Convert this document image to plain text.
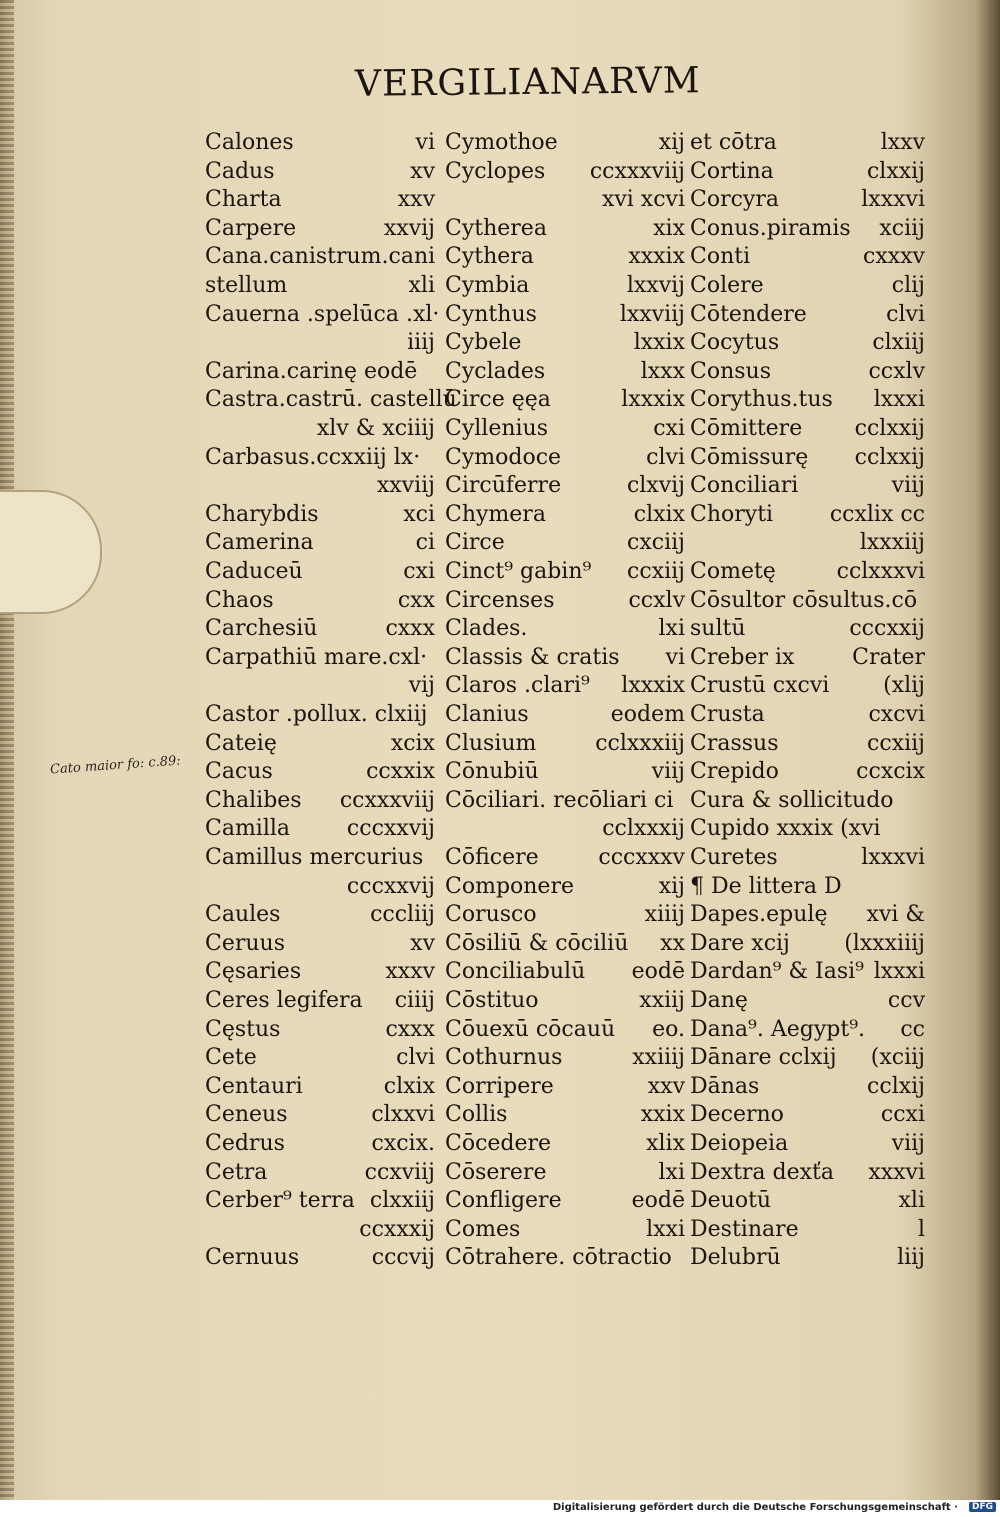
VERGILIANARVM
Calones	vi
Cadus	xv
Charta	xxv
Carpere	xxvij
Cana.canistrum.cani
stellum	xli
Cauerna .spelūca .xl·
iiij
Carina.carinę eodē
Castra.castrū. castellū
xlv & xciiij
Carbasus.ccxxiij lx·
xxviij
Charybdis	xci
Camerina	ci
Caduceū	cxi
Chaos	cxx
Carchesiū	cxxx
Carpathiū mare.cxl·
vij
Castor .pollux. clxiij
Cateię	xcix
Cacus	ccxxix
Chalibes ccxxxviij
Camilla	cccxxvij
Camillus mercurius
cccxxvij
Caules	cccliij
Ceruus	xv
Cęsaries	xxxv
Ceres legifera ciiij
Cęstus	cxxx
Cete	clvi
Centauri	clxix
Ceneus	clxxvi
Cedrus	cxcix.
Cetra	ccxviij
Cerber⁹ terra clxxiij
ccxxxij
Cernuus	cccvij
Cymothoe	xij
Cyclopes ccxxxviij
xvi xcvi
Cytherea	xix
Cythera	xxxix
Cymbia	lxxvij
Cynthus	lxxviij
Cybele	lxxix
Cyclades	lxxx
Circe ęęa	lxxxix
Cyllenius	cxi
Cymodoce	clvi
Circūferre	clxvij
Chymera	clxix
Circe	cxciij
Cinct⁹ gabin⁹ ccxiij
Circenses	ccxlv
Clades.	lxi
Classis & cratis vi
Claros .clari⁹ lxxxix
Clanius	eodem
Clusium	cclxxxiij
Cōnubiū	viij
Cōciliari. recōliari ci
cclxxxij
Cōficere	cccxxxv
Componere	xij
Corusco	xiiij
Cōsiliū & cōciliū xx
Conciliabulū eodē
Cōstituo	xxiij
Cōuexū cōcauū eo.
Cothurnus	xxiiij
Corripere	xxv
Collis	xxix
Cōcedere	xlix
Cōserere	lxi
Confligere	eodē
Comes	lxxi
Cōtrahere. cōtractio
et cōtra	lxxv
Cortina	clxxij
Corcyra	lxxxvi
Conus.piramis xciij
Conti	cxxxv
Colere	clij
Cōtendere	clvi
Cocytus	clxiij
Consus	ccxlv
Corythus.tus lxxxi
Cōmittere cclxxij
Cōmissurę cclxxij
Conciliari	viij
Choryti	ccxlix cc
lxxxiij
Cometę	cclxxxvi
Cōsultor cōsultus.cō
sultū	cccxxij
Creber ix	Crater
Crustū cxcvi (xlij
Crusta	cxcvi
Crassus	ccxiij
Crepido	ccxcix
Cura & sollicitudo
Cupido xxxix (xvi
Curetes	lxxxvi
¶ De littera D
Dapes.epulę xvi &
Dare xcij (lxxxiiij
Dardan⁹ & Iasi⁹ lxxxi
Danę	ccv
Dana⁹. Aegypt⁹. cc
Dānare cclxij (xciij
Dānas	cclxij
Decerno	ccxi
Deiopeia	viij
Dextra dexťa xxxvi
Deuotū	xli
Destinare	l
Delubrū	liij
Cato maior fo: c.89:
Digitalisierung gefördert durch die Deutsche Forschungsgemeinschaft ·	DFG
